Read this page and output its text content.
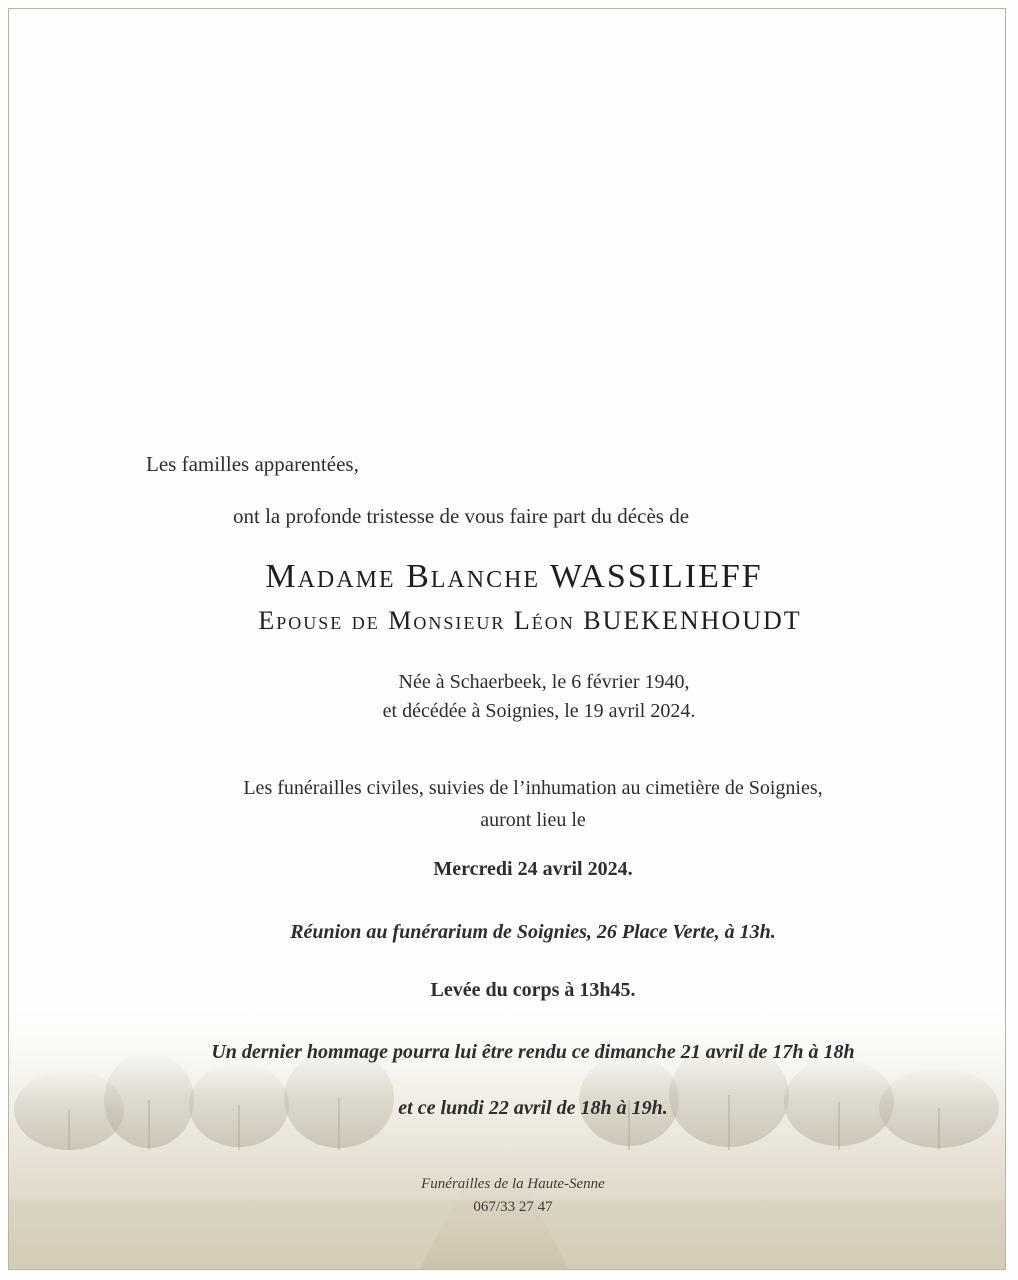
Les familles apparentées,
ont la profonde tristesse de vous faire part du décès de
Madame Blanche WASSILIEFF
Epouse de Monsieur Léon BUEKENHOUDT
Née à Schaerbeek, le 6 février 1940,
et décédée à Soignies, le 19 avril 2024.
Les funérailles civiles, suivies de l’inhumation au cimetière de Soignies,
auront lieu le
Mercredi 24 avril 2024.
Réunion au funérarium de Soignies, 26 Place Verte, à 13h.
Levée du corps à 13h45.
Un dernier hommage pourra lui être rendu ce dimanche 21 avril de 17h à 18h
et ce lundi 22 avril de 18h à 19h.
Funérailles de la Haute-Senne
067/33 27 47
